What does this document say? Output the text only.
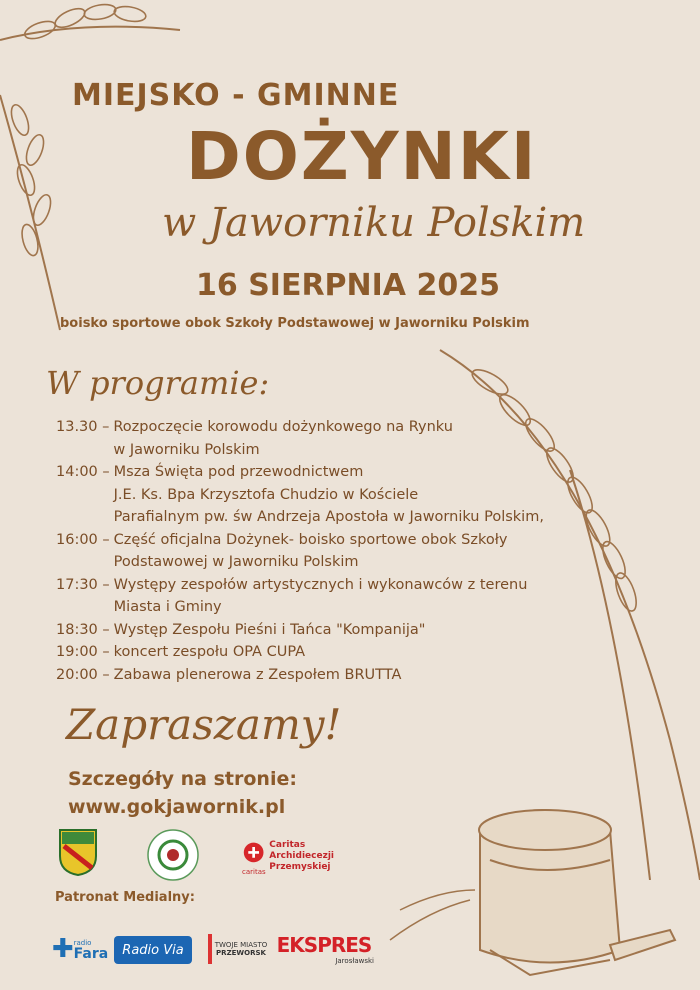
MIEJSKO - GMINNE
DOŻYNKI
w Jaworniku Polskim
16 SIERPNIA 2025
boisko sportowe obok Szkoły Podstawowej w Jaworniku Polskim
W programie:
13.30 – Rozpoczęcie korowodu dożynkowego na Rynku
w Jaworniku Polskim
14:00 – Msza Święta pod przewodnictwem
J.E. Ks. Bpa Krzysztofa Chudzio w Kościele
Parafialnym pw. św Andrzeja Apostoła w Jaworniku Polskim,
16:00 – Część oficjalna Dożynek- boisko sportowe obok Szkoły
Podstawowej w Jaworniku Polskim
17:30 – Występy zespołów artystycznych i wykonawców z terenu
Miasta i Gminy
18:30 – Występ Zespołu Pieśni i Tańca "Kompanija"
19:00 – koncert zespołu OPA CUPA
20:00 – Zabawa plenerowa z Zespołem BRUTTA
Zapraszamy!
Szczegóły na stronie:
www.gokjawornik.pl
Caritas
Archidiecezji
Przemyskiej
caritas
Patronat Medialny:
✚ radio
Fara	Radio Via	TWOJE MIASTO
PRZEWORSK EKSPRES
Jarosławski
